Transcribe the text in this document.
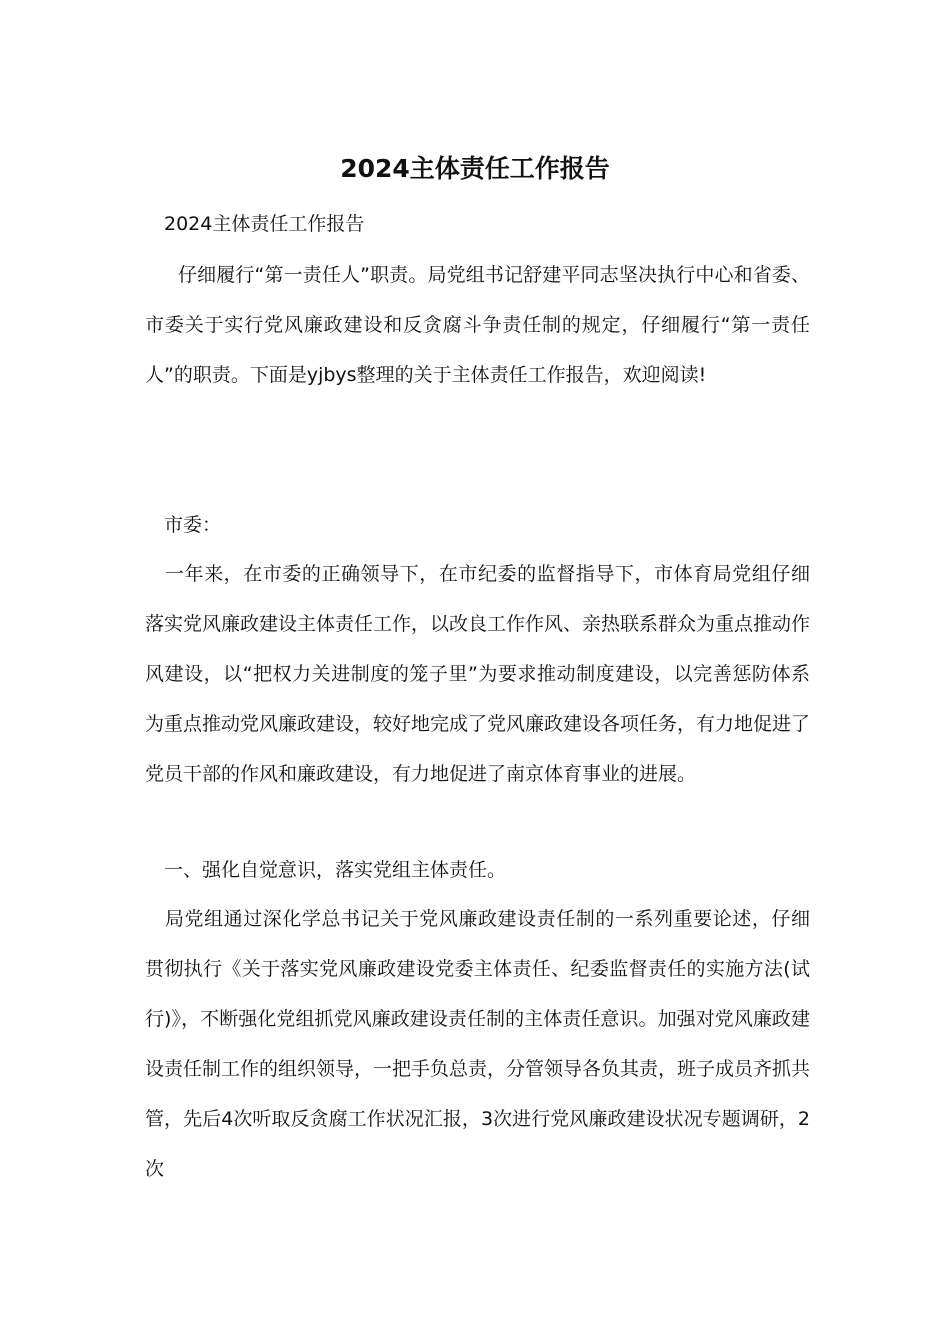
2024主体责任工作报告

2024主体责任工作报告

仔细履行“第一责任人”职责。局党组书记舒建平同志坚决执行中心和省委、市委关于实行党风廉政建设和反贪腐斗争责任制的规定，仔细履行“第一责任人”的职责。下面是yjbys整理的关于主体责任工作报告，欢迎阅读!

市委：

一年来，在市委的正确领导下，在市纪委的监督指导下，市体育局党组仔细落实党风廉政建设主体责任工作，以改良工作作风、亲热联系群众为重点推动作风建设，以“把权力关进制度的笼子里”为要求推动制度建设，以完善惩防体系为重点推动党风廉政建设，较好地完成了党风廉政建设各项任务，有力地促进了党员干部的作风和廉政建设，有力地促进了南京体育事业的进展。

一、强化自觉意识，落实党组主体责任。

局党组通过深化学总书记关于党风廉政建设责任制的一系列重要论述，仔细贯彻执行《关于落实党风廉政建设党委主体责任、纪委监督责任的实施方法(试行)》，不断强化党组抓党风廉政建设责任制的主体责任意识。加强对党风廉政建设责任制工作的组织领导，一把手负总责，分管领导各负其责，班子成员齐抓共管，先后4次听取反贪腐工作状况汇报，3次进行党风廉政建设状况专题调研，2次
